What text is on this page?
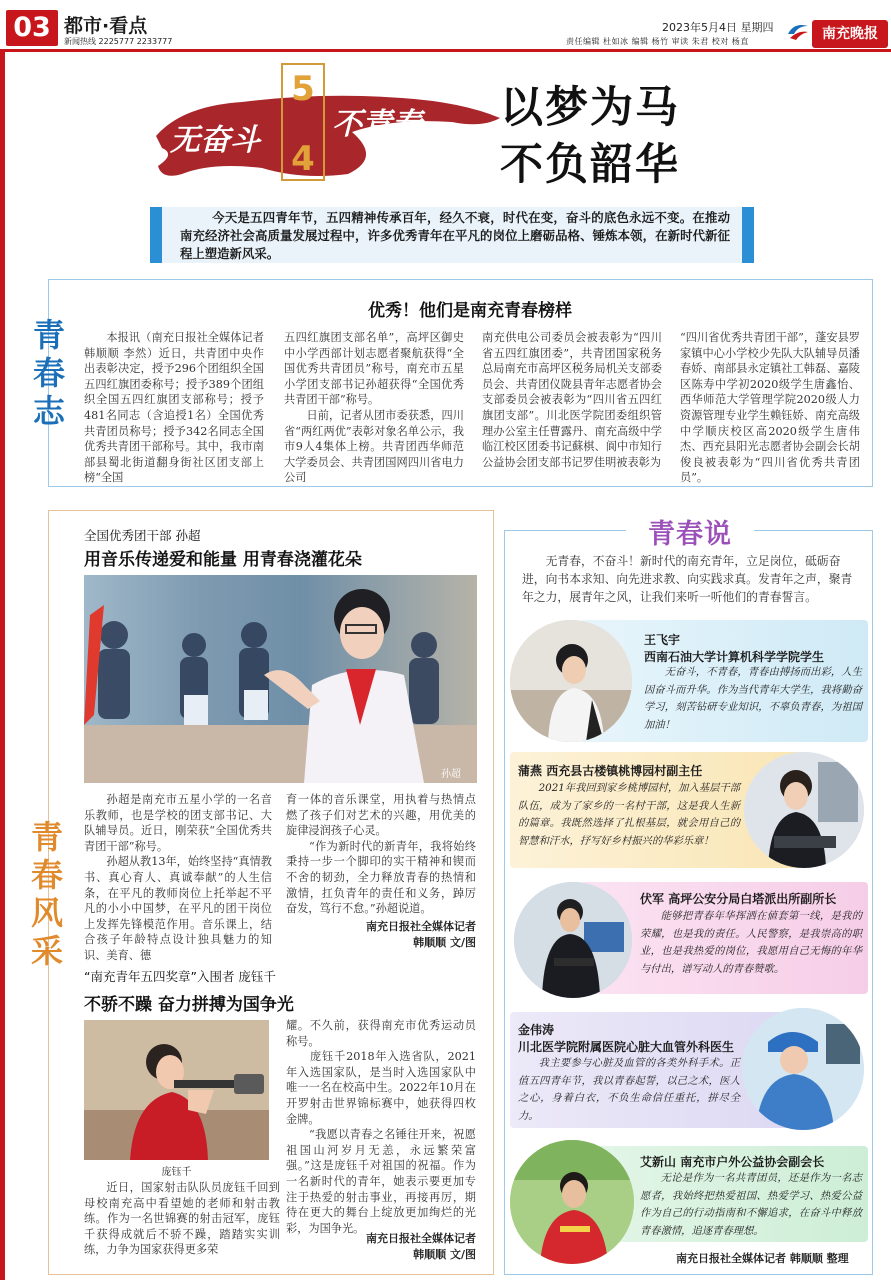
03 都市·看点
新闻热线 2225777 2233777
2023年5月4日 星期四
责任编辑 杜如冰 编辑 杨竹 审读 朱君 校对 杨直	南充晚报
无奋斗 不青春
5
4
以梦为马
不负韶华
今天是五四青年节，五四精神传承百年，经久不衰，时代在变，奋斗的底色永远不变。在推动南充经济社会高质量发展过程中，许多优秀青年在平凡的岗位上磨砺品格、锤炼本领，在新时代新征程上塑造新风采。
青春志
优秀！他们是南充青春榜样
本报讯（南充日报社全媒体记者 韩顺顺 李然）近日，共青团中央作出表彰决定，授予296个团组织全国五四红旗团委称号；授予389个团组织全国五四红旗团支部称号；授予481名同志（含追授1名）全国优秀共青团员称号；授予342名同志全国优秀共青团干部称号。其中，我市南部县蜀北街道翻身街社区团支部上榜“全国
五四红旗团支部名单”，高坪区御史中小学西部计划志愿者聚航获得“全国优秀共青团员”称号，南充市五星小学团支部书记孙超获得“全国优秀共青团干部”称号。
　　日前，记者从团市委获悉，四川省“两红两优”表彰对象名单公示，我市9人4集体上榜。共青团西华师范大学委员会、共青团国网四川省电力公司
南充供电公司委员会被表彰为“四川省五四红旗团委”，共青团国家税务总局南充市高坪区税务局机关支部委员会、共青团仪陇县青年志愿者协会支部委员会被表彰为“四川省五四红旗团支部”。川北医学院团委组织管理办公室主任曹露丹、南充高级中学临江校区团委书记蘇棋、阆中市知行公益协会团支部书记罗佳明被表彰为
“四川省优秀共青团干部”，蓬安县罗家镇中心小学校少先队大队辅导员潘春娇、南部县永定镇社工韩磊、嘉陵区陈寿中学初2020级学生唐鑫怡、西华师范大学管理学院2020级人力资源管理专业学生赖钰娇、南充高级中学顺庆校区高2020级学生唐伟杰、西充县阳光志愿者协会副会长胡俊良被表彰为“四川省优秀共青团员”。
青春风采
全国优秀团干部 孙超
用音乐传递爱和能量 用青春浇灌花朵
孙超
孙超是南充市五星小学的一名音乐教师，也是学校的团支部书记、大队辅导员。近日，刚荣获“全国优秀共青团干部”称号。
　　孙超从教13年，始终坚持“真情教书、真心育人、真诚奉献”的人生信条，在平凡的教师岗位上托举起不平凡的小小中国梦，在平凡的团干岗位上发挥先锋模范作用。音乐课上，结合孩子年龄特点设计独具魅力的知识、美育、德
育一体的音乐课堂，用执着与热情点燃了孩子们对艺术的兴趣，用优美的旋律浸润孩子心灵。
　　“作为新时代的新青年，我将始终秉持一步一个脚印的实干精神和锲而不舍的韧劲，全力释放青春的热情和激情，扛负青年的责任和义务，踔厉奋发，笃行不怠。”孙超说道。
南充日报社全媒体记者
韩顺顺 文/图
“南充青年五四奖章”入围者 庞钰千
不骄不躁 奋力拼搏为国争光
庞钰千
耀。不久前，获得南充市优秀运动员称号。
　　庞钰千2018年入选省队，2021年入选国家队，是当时入选国家队中唯一一名在校高中生。2022年10月在开罗射击世界锦标赛中，她获得四枚金牌。
　　“我愿以青春之名锤往开来，祝愿祖国山河岁月无恙，永远繁荣富强。”这是庞钰千对祖国的祝福。作为一名新时代的青年，她表示要更加专注于热爱的射击事业，再接再厉，期待在更大的舞台上绽放更加绚烂的光彩，为国争光。
近日，国家射击队队员庞钰千回到母校南充高中看望她的老师和射击教练。作为一名世锦赛的射击冠军，庞钰千获得成就后不骄不躁，踏踏实实训练，力争为国家获得更多荣
南充日报社全媒体记者
韩顺顺 文/图
青春说
无青春，不奋斗！新时代的南充青年，立足岗位，砥砺奋进，向书本求知、向先进求教、向实践求真。发青年之声，聚青年之力，展青年之风，让我们来听一听他们的青春誓言。
王飞宇
西南石油大学计算机科学学院学生
无奋斗，不青春，青春由搏扬而出彩，人生因奋斗而升华。作为当代青年大学生，我将勤奋学习，刻苦钻研专业知识，不辜负青春，为祖国加油！
蒲燕 西充县古楼镇桃博园村副主任
2021年我回到家乡桃博园村，加入基层干部队伍，成为了家乡的一名村干部，这是我人生新的篇章。我既然选择了扎根基层，就会用自己的智慧和汗水，抒写好乡村振兴的华彩乐章！
伏军 高坪公安分局白塔派出所副所长
能够把青春年华挥洒在値套第一线，是我的荣耀，也是我的责任。人民警察，是我崇高的职业，也是我热爱的岗位，我愿用自己无悔的年华与付出，谱写动人的青春赞歌。
金伟涛
川北医学院附属医院心脏大血管外科医生
我主要参与心脏及血管的各类外科手术。正值五四青年节，我以青春起誓，以己之术，医人之心，身着白衣，不负生命信任重托，拼尽全力。
艾新山 南充市户外公益协会副会长
无论是作为一名共青团员，还是作为一名志愿者，我始终把热爱祖国、热爱学习、热爱公益作为自己的行动指南和不懈追求，在奋斗中释放青春激情，追逐青春理想。
南充日报社全媒体记者 韩顺顺 整理
